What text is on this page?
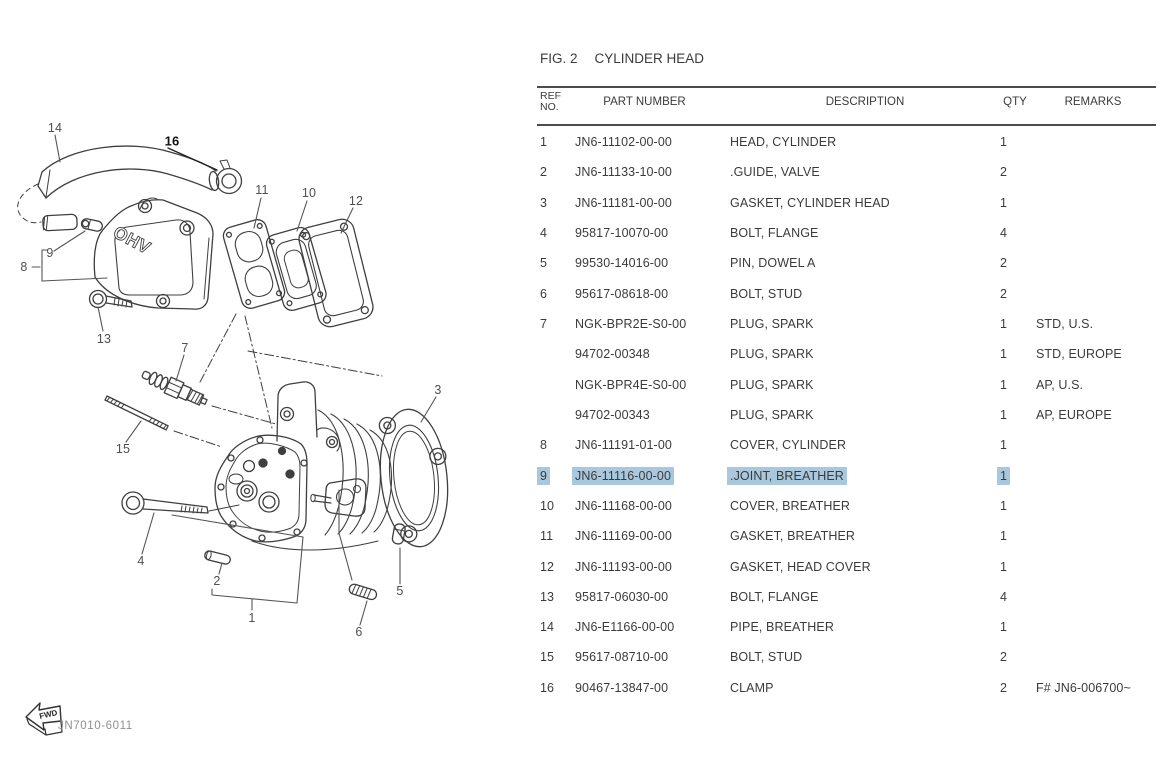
OHV
FWD
14
16
11	10
12
9
8
13
7
15
3
4
2
1
5
6
JN7010-6011
FIG. 2 CYLINDER HEAD
REF
NO.	PART NUMBER	DESCRIPTION	QTY	REMARKS
1	JN6-11102-00-00	HEAD, CYLINDER	1
2	JN6-11133-10-00	.GUIDE, VALVE	2
3	JN6-11181-00-00	GASKET, CYLINDER HEAD	1
4	95817-10070-00	BOLT, FLANGE	4
5	99530-14016-00	PIN, DOWEL A	2
6	95617-08618-00	BOLT, STUD	2
7	NGK-BPR2E-S0-00	PLUG, SPARK	1	STD, U.S.
94702-00348	PLUG, SPARK	1	STD, EUROPE
NGK-BPR4E-S0-00	PLUG, SPARK	1	AP, U.S.
94702-00343	PLUG, SPARK	1	AP, EUROPE
8	JN6-11191-01-00	COVER, CYLINDER	1
9	JN6-11116-00-00	.JOINT, BREATHER	1
10	JN6-11168-00-00	COVER, BREATHER	1
11	JN6-11169-00-00	GASKET, BREATHER	1
12	JN6-11193-00-00	GASKET, HEAD COVER	1
13	95817-06030-00	BOLT, FLANGE	4
14	JN6-E1166-00-00	PIPE, BREATHER	1
15	95617-08710-00	BOLT, STUD	2
16	90467-13847-00	CLAMP	2	F# JN6-006700~
